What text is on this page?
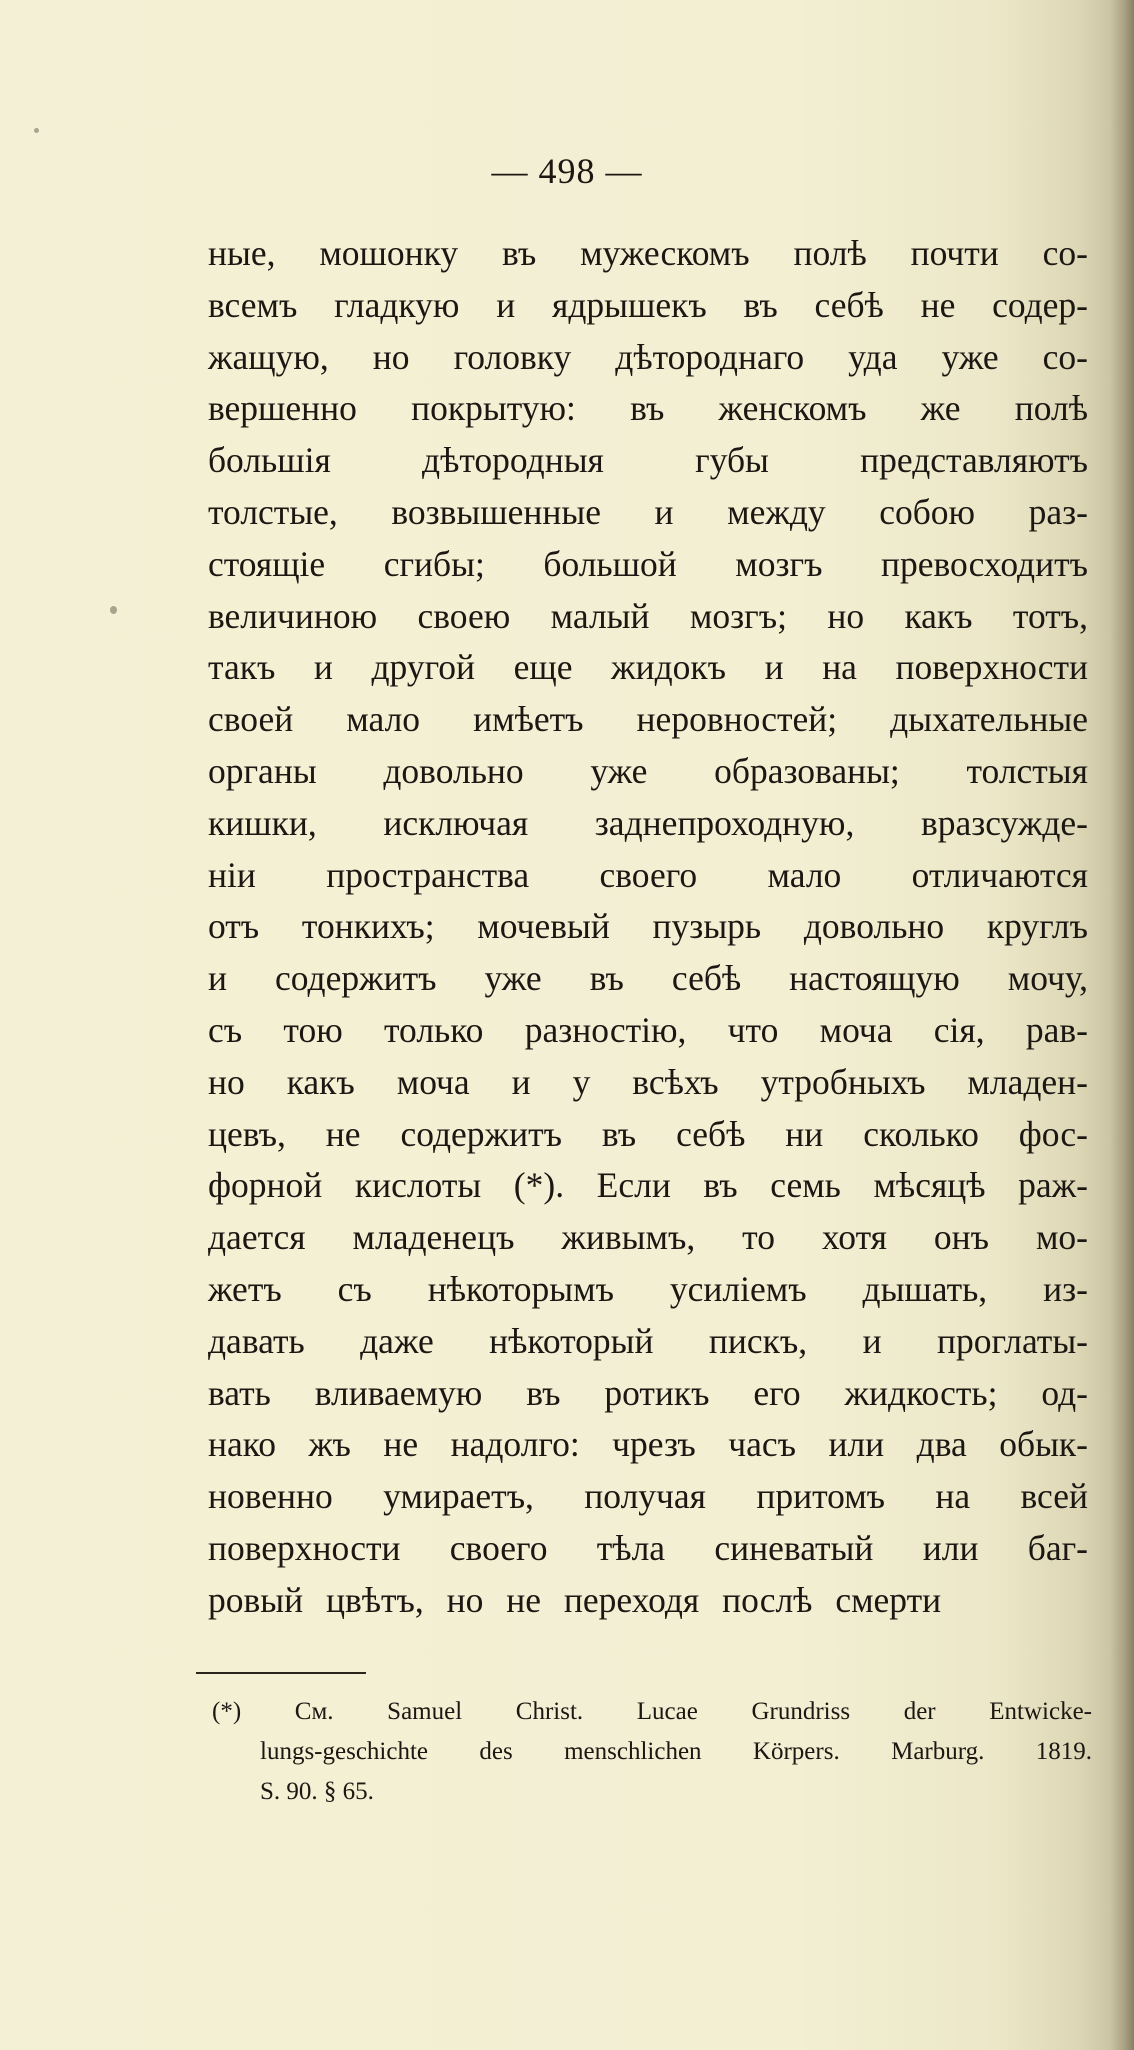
— 498 —
ные, мошонку въ мужескомъ полѣ почти со-
всемъ гладкую и ядрышекъ въ себѣ не содер-
жащую, но головку дѣтороднаго уда уже со-
вершенно покрытую: въ женскомъ же полѣ
большія дѣтородныя губы представляютъ
толстые, возвышенные и между собою раз-
стоящіе сгибы; большой мозгъ превосходитъ
величиною своею малый мозгъ; но какъ тотъ,
такъ и другой еще жидокъ и на поверхности
своей мало имѣетъ неровностей; дыхательные
органы довольно уже образованы; толстыя
кишки, исключая заднепроходную, вразсужде-
ніи пространства своего мало отличаются
отъ тонкихъ; мочевый пузырь довольно круглъ
и содержитъ уже въ себѣ настоящую мочу,
съ тою только разностію, что моча сія, рав-
но какъ моча и у всѣхъ утробныхъ младен-
цевъ, не содержитъ въ себѣ ни сколько фос-
форной кислоты (*). Если въ семь мѣсяцѣ раж-
дается младенецъ живымъ, то хотя онъ мо-
жетъ съ нѣкоторымъ усиліемъ дышать, из-
давать даже нѣкоторый пискъ, и проглаты-
вать вливаемую въ ротикъ его жидкость; од-
нако жъ не надолго: чрезъ часъ или два обык-
новенно умираетъ, получая притомъ на всей
поверхности своего тѣла синеватый или баг-
ровый цвѣтъ, но не переходя послѣ смерти
(*) См. Samuel Christ. Lucae Grundriss der Entwicke-
lungs-geschichte des menschlichen Körpers. Marburg. 1819.
S. 90. § 65.
